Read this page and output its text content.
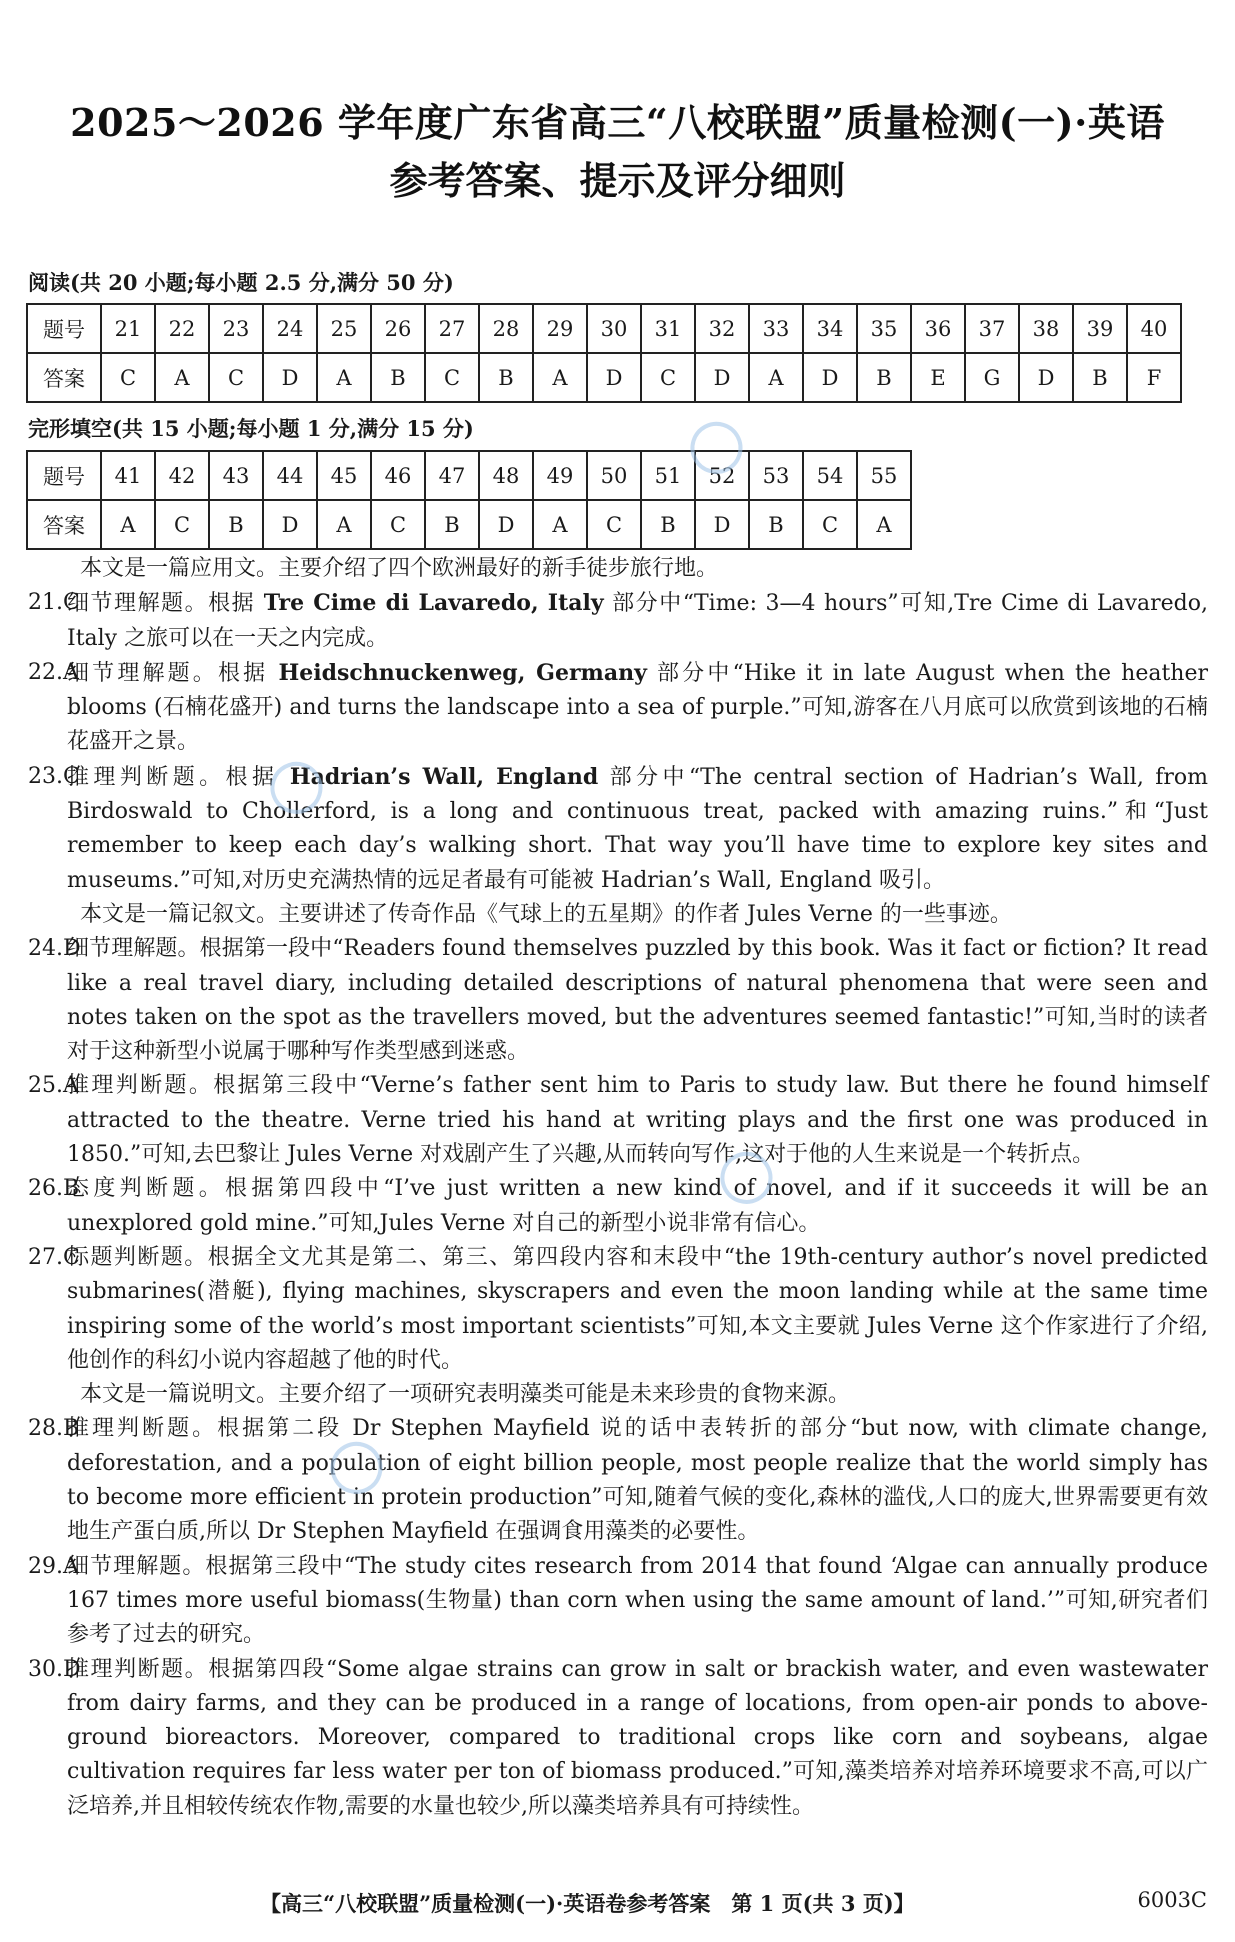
2025～2026 学年度广东省高三“八校联盟”质量检测(一)·英语
参考答案、提示及评分细则
阅读(共 20 小题;每小题 2.5 分,满分 50 分)
题号	21	22	23	24	25	26	27	28	29	30	31	32	33	34	35	36	37	38	39	40
答案	C	A	C	D	A	B	C	B	A	D	C	D	A	D	B	E	G	D	B	F
完形填空(共 15 小题;每小题 1 分,满分 15 分)
题号	41	42	43	44	45	46	47	48	49	50	51	52	53	54	55
答案	A	C	B	D	A	C	B	D	A	C	B	D	B	C	A

本文是一篇应用文。主要介绍了四个欧洲最好的新手徒步旅行地。

21.C
细节理解题。根据 Tre Cime di Lavaredo, Italy 部分中“Time: 3—4 hours”可知,Tre Cime di Lavaredo, Italy 之旅可以在一天之内完成。

22.A
细节理解题。根据 Heidschnuckenweg, Germany 部分中“Hike it in late August when the heather blooms (石楠花盛开) and turns the landscape into a sea of purple.”可知,游客在八月底可以欣赏到该地的石楠花盛开之景。

23.C
推理判断题。根据 Hadrian’s Wall, England 部分中“The central section of Hadrian’s Wall, from Birdoswald to Chollerford, is a long and continuous treat, packed with amazing ruins.”和“Just remember to keep each day’s walking short. That way you’ll have time to explore key sites and museums.”可知,对历史充满热情的远足者最有可能被 Hadrian’s Wall, England 吸引。

本文是一篇记叙文。主要讲述了传奇作品《气球上的五星期》的作者 Jules Verne 的一些事迹。

24.D
细节理解题。根据第一段中“Readers found themselves puzzled by this book. Was it fact or fiction? It read like a real travel diary, including detailed descriptions of natural phenomena that were seen and notes taken on the spot as the travellers moved, but the adventures seemed fantastic!”可知,当时的读者对于这种新型小说属于哪种写作类型感到迷惑。

25.A
推理判断题。根据第三段中“Verne’s father sent him to Paris to study law. But there he found himself attracted to the theatre. Verne tried his hand at writing plays and the first one was produced in 1850.”可知,去巴黎让 Jules Verne 对戏剧产生了兴趣,从而转向写作,这对于他的人生来说是一个转折点。

26.B
态度判断题。根据第四段中“I’ve just written a new kind of novel, and if it succeeds it will be an unexplored gold mine.”可知,Jules Verne 对自己的新型小说非常有信心。

27.C
标题判断题。根据全文尤其是第二、第三、第四段内容和末段中“the 19th-century author’s novel predicted submarines(潜艇), flying machines, skyscrapers and even the moon landing while at the same time inspiring some of the world’s most important scientists”可知,本文主要就 Jules Verne 这个作家进行了介绍,他创作的科幻小说内容超越了他的时代。

本文是一篇说明文。主要介绍了一项研究表明藻类可能是未来珍贵的食物来源。

28.B
推理判断题。根据第二段 Dr Stephen Mayfield 说的话中表转折的部分“but now, with climate change, deforestation, and a population of eight billion people, most people realize that the world simply has to become more efficient in protein production”可知,随着气候的变化,森林的滥伐,人口的庞大,世界需要更有效地生产蛋白质,所以 Dr Stephen Mayfield 在强调食用藻类的必要性。

29.A
细节理解题。根据第三段中“The study cites research from 2014 that found ‘Algae can annually produce 167 times more useful biomass(生物量) than corn when using the same amount of land.’”可知,研究者们参考了过去的研究。

30.D
推理判断题。根据第四段“Some algae strains can grow in salt or brackish water, and even wastewater from dairy farms, and they can be produced in a range of locations, from open-air ponds to above-ground bioreactors. Moreover, compared to traditional crops like corn and soybeans, algae cultivation requires far less water per ton of biomass produced.”可知,藻类培养对培养环境要求不高,可以广泛培养,并且相较传统农作物,需要的水量也较少,所以藻类培养具有可持续性。

【高三“八校联盟”质量检测(一)·英语卷参考答案　第 1 页(共 3 页)】	6003C
